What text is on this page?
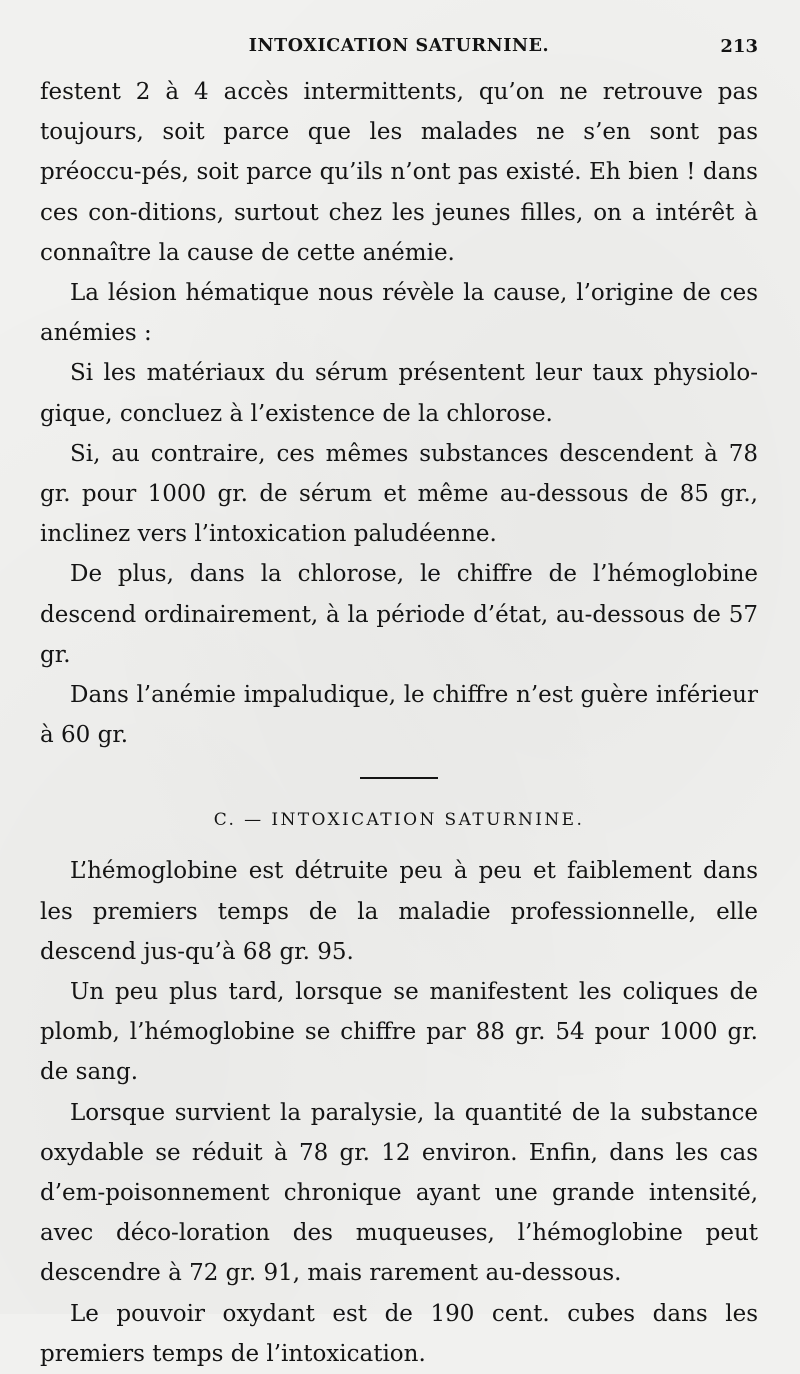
INTOXICATION SATURNINE.	213

festent 2 à 4 accès intermittents, qu’on ne retrouve pas toujours, soit parce que les malades ne s’en sont pas préoccu-pés, soit parce qu’ils n’ont pas existé. Eh bien ! dans ces con-ditions, surtout chez les jeunes filles, on a intérêt à connaître la cause de cette anémie.

La lésion hématique nous révèle la cause, l’origine de ces anémies :

Si les matériaux du sérum présentent leur taux physiolo-gique, concluez à l’existence de la chlorose.

Si, au contraire, ces mêmes substances descendent à 78 gr. pour 1000 gr. de sérum et même au-dessous de 85 gr., inclinez vers l’intoxication paludéenne.

De plus, dans la chlorose, le chiffre de l’hémoglobine descend ordinairement, à la période d’état, au-dessous de 57 gr.

Dans l’anémie impaludique, le chiffre n’est guère inférieur à 60 gr.

C. — INTOXICATION SATURNINE.

L’hémoglobine est détruite peu à peu et faiblement dans les premiers temps de la maladie professionnelle, elle descend jus-qu’à 68 gr. 95.

Un peu plus tard, lorsque se manifestent les coliques de plomb, l’hémoglobine se chiffre par 88 gr. 54 pour 1000 gr. de sang.

Lorsque survient la paralysie, la quantité de la substance oxydable se réduit à 78 gr. 12 environ. Enfin, dans les cas d’em-poisonnement chronique ayant une grande intensité, avec déco-loration des muqueuses, l’hémoglobine peut descendre à 72 gr. 91, mais rarement au-dessous.

Le pouvoir oxydant est de 190 cent. cubes dans les premiers temps de l’intoxication.
